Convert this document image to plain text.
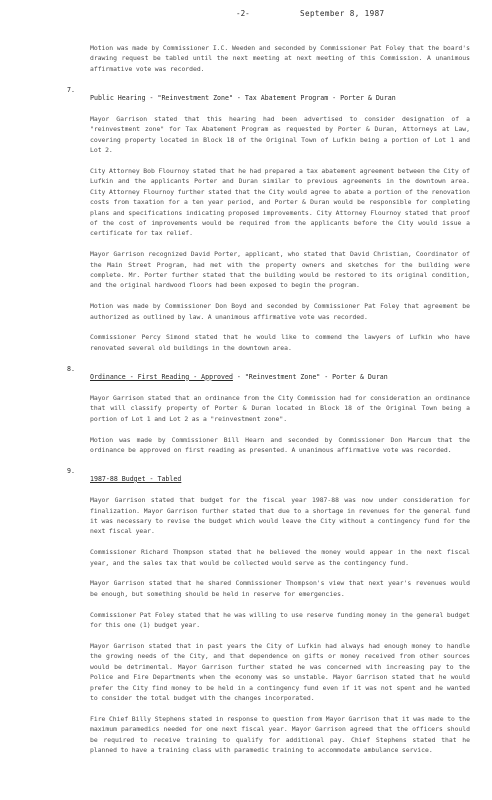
-2-	September 8, 1987

Motion was made by Commissioner I.C. Weeden and seconded by Commissioner Pat Foley that the board's drawing request be tabled until the next meeting at next meeting of this Commission. A unanimous affirmative vote was recorded.

7.
Public Hearing - "Reinvestment Zone" - Tax Abatement Program - Porter & Duran

Mayor Garrison stated that this hearing had been advertised to consider designation of a "reinvestment zone" for Tax Abatement Program as requested by Porter & Duran, Attorneys at Law, covering property located in Block 18 of the Original Town of Lufkin being a portion of Lot 1 and Lot 2.

City Attorney Bob Flournoy stated that he had prepared a tax abatement agreement between the City of Lufkin and the applicants Porter and Duran similar to previous agreements in the downtown area. City Attorney Flournoy further stated that the City would agree to abate a portion of the renovation costs from taxation for a ten year period, and Porter & Duran would be responsible for completing plans and specifications indicating proposed improvements. City Attorney Flournoy stated that proof of the cost of improvements would be required from the applicants before the City would issue a certificate for tax relief.

Mayor Garrison recognized David Porter, applicant, who stated that David Christian, Coordinator of the Main Street Program, had met with the property owners and sketches for the building were complete. Mr. Porter further stated that the building would be restored to its original condition, and the original hardwood floors had been exposed to begin the program.

Motion was made by Commissioner Don Boyd and seconded by Commissioner Pat Foley that agreement be authorized as outlined by law. A unanimous affirmative vote was recorded.

Commissioner Percy Simond stated that he would like to commend the lawyers of Lufkin who have renovated several old buildings in the downtown area.

8.
Ordinance - First Reading - Approved - "Reinvestment Zone" - Porter & Duran

Mayor Garrison stated that an ordinance from the City Commission had for consideration an ordinance that will classify property of Porter & Duran located in Block 18 of the Original Town being a portion of Lot 1 and Lot 2 as a "reinvestment zone".

Motion was made by Commissioner Bill Hearn and seconded by Commissioner Don Marcum that the ordinance be approved on first reading as presented. A unanimous affirmative vote was recorded.

9.
1987-88 Budget - Tabled

Mayor Garrison stated that budget for the fiscal year 1987-88 was now under consideration for finalization. Mayor Garrison further stated that due to a shortage in revenues for the general fund it was necessary to revise the budget which would leave the City without a contingency fund for the next fiscal year.

Commissioner Richard Thompson stated that he believed the money would appear in the next fiscal year, and the sales tax that would be collected would serve as the contingency fund.

Mayor Garrison stated that he shared Commissioner Thompson's view that next year's revenues would be enough, but something should be held in reserve for emergencies.

Commissioner Pat Foley stated that he was willing to use reserve funding money in the general budget for this one (1) budget year.

Mayor Garrison stated that in past years the City of Lufkin had always had enough money to handle the growing needs of the City, and that dependence on gifts or money received from other sources would be detrimental. Mayor Garrison further stated he was concerned with increasing pay to the Police and Fire Departments when the economy was so unstable. Mayor Garrison stated that he would prefer the City find money to be held in a contingency fund even if it was not spent and he wanted to consider the total budget with the changes incorporated.

Fire Chief Billy Stephens stated in response to question from Mayor Garrison that it was made to the maximum paramedics needed for one next fiscal year. Mayor Garrison agreed that the officers should be required to receive training to qualify for additional pay. Chief Stephens stated that he planned to have a training class with paramedic training to accommodate ambulance service.
